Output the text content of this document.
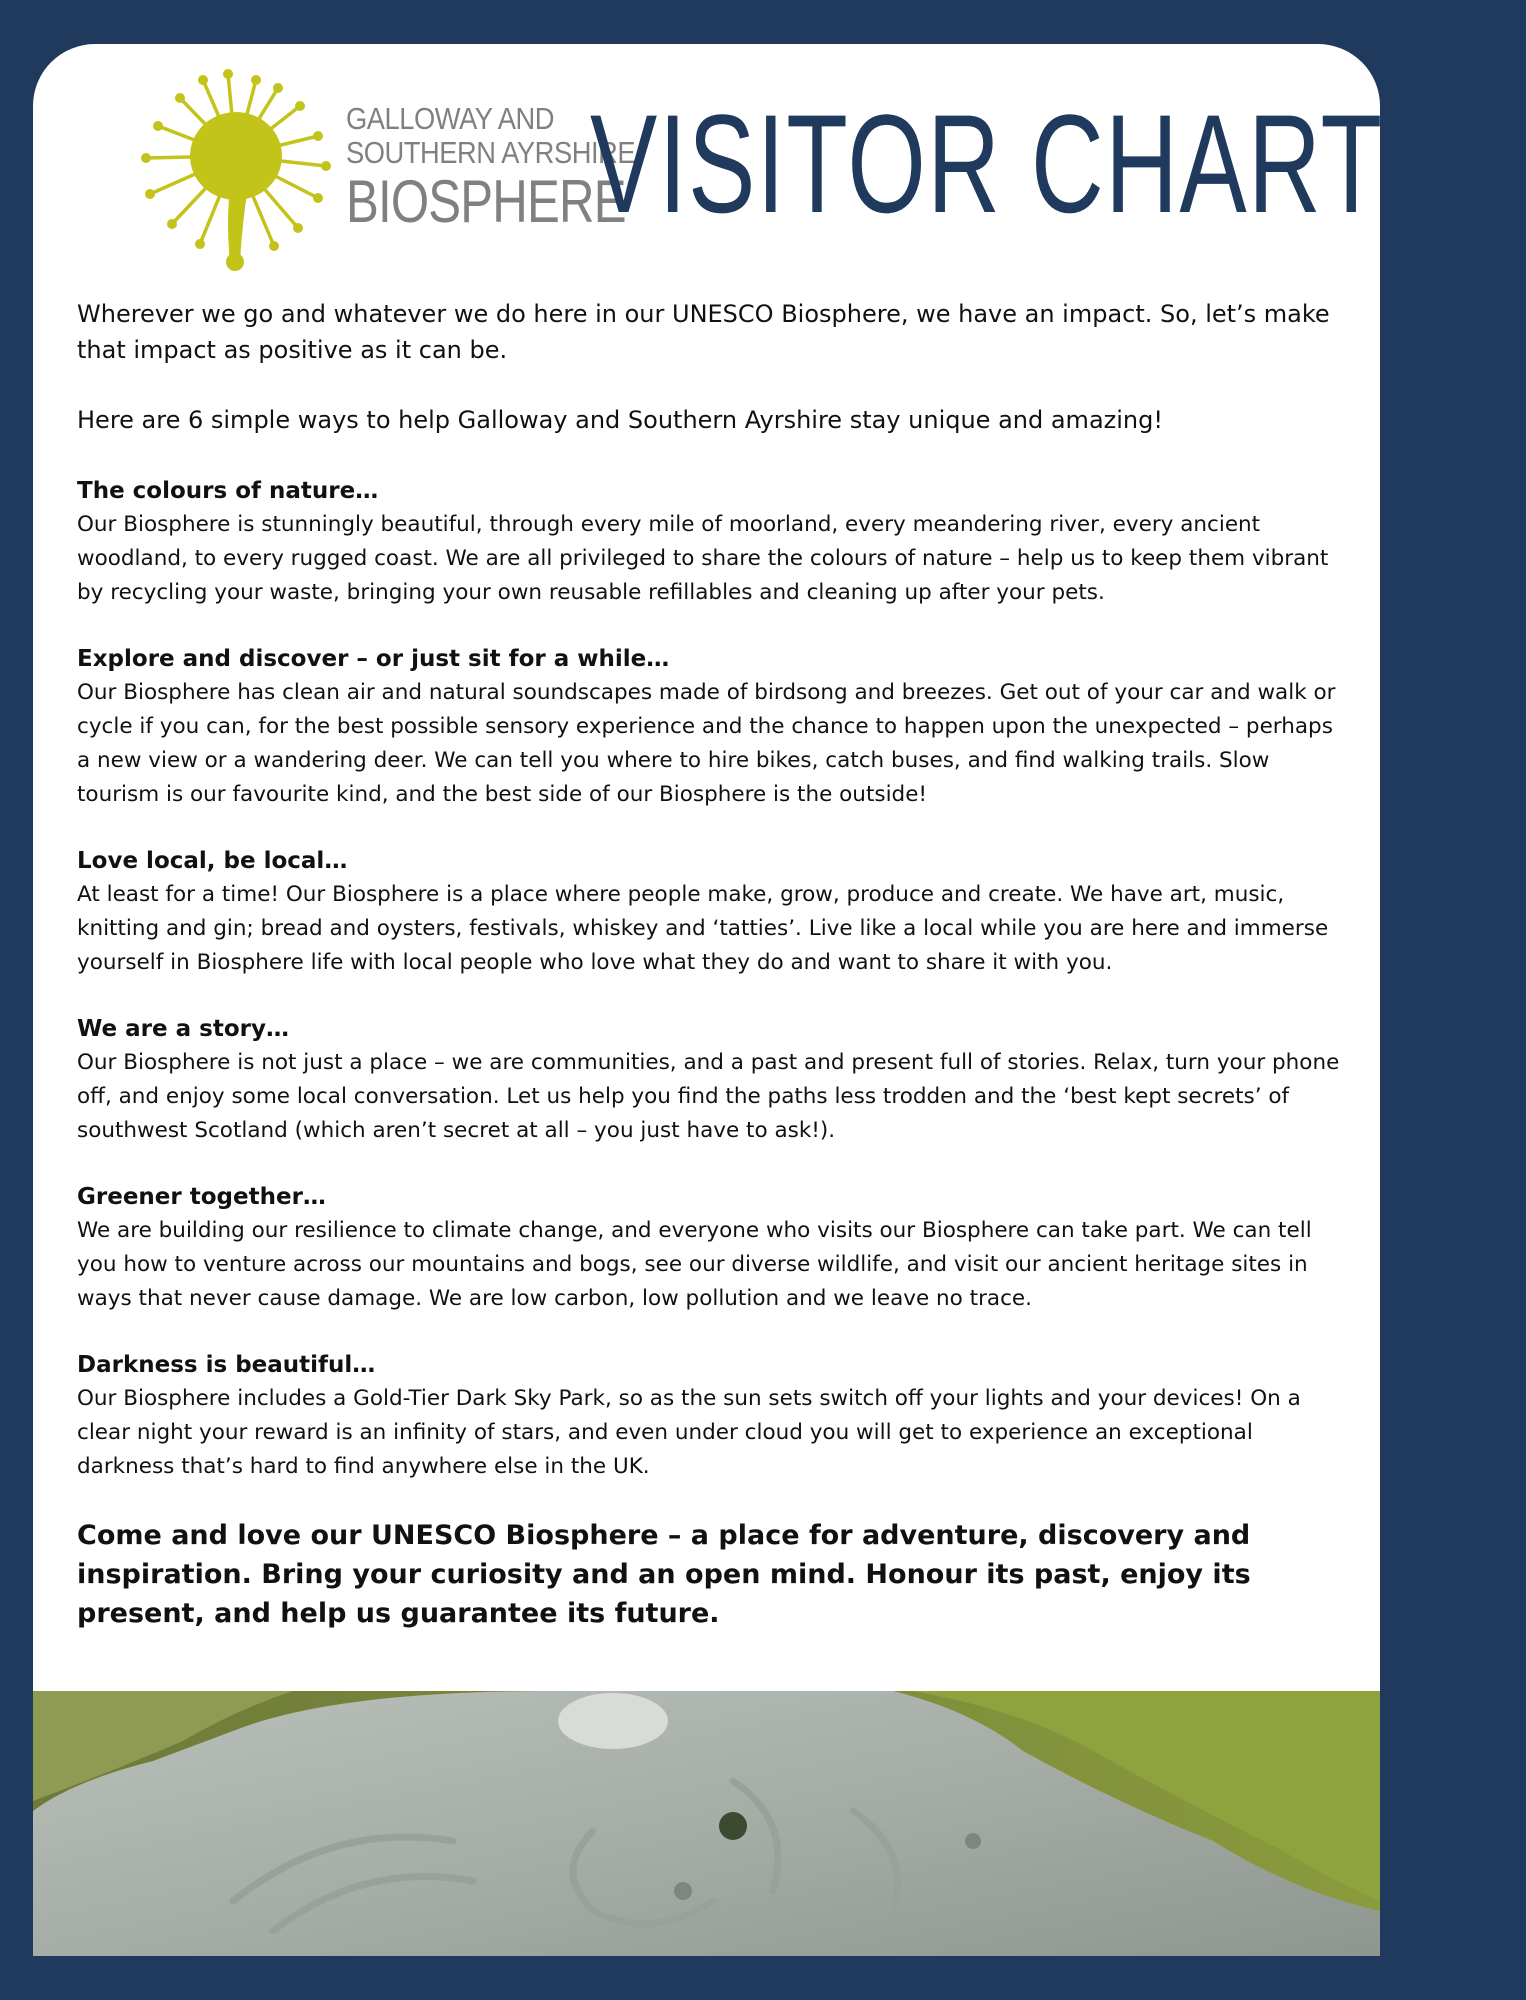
GALLOWAY AND
SOUTHERN AYRSHIRE
BIOSPHERE
VISITOR CHARTER

Wherever we go and whatever we do here in our UNESCO Biosphere, we have an impact. So, let’s make that impact as positive as it can be.

Here are 6 simple ways to help Galloway and Southern Ayrshire stay unique and amazing!

The colours of nature…

Our Biosphere is stunningly beautiful, through every mile of moorland, every meandering river, every ancient woodland, to every rugged coast. We are all privileged to share the colours of nature – help us to keep them vibrant by recycling your waste, bringing your own reusable refillables and cleaning up after your pets.

Explore and discover – or just sit for a while…

Our Biosphere has clean air and natural soundscapes made of birdsong and breezes. Get out of your car and walk or cycle if you can, for the best possible sensory experience and the chance to happen upon the unexpected – perhaps a new view or a wandering deer. We can tell you where to hire bikes, catch buses, and find walking trails. Slow tourism is our favourite kind, and the best side of our Biosphere is the outside!

Love local, be local…

At least for a time! Our Biosphere is a place where people make, grow, produce and create. We have art, music, knitting and gin; bread and oysters, festivals, whiskey and ‘tatties’. Live like a local while you are here and immerse yourself in Biosphere life with local people who love what they do and want to share it with you.

We are a story…

Our Biosphere is not just a place – we are communities, and a past and present full of stories. Relax, turn your phone off, and enjoy some local conversation. Let us help you find the paths less trodden and the ‘best kept secrets’ of southwest Scotland (which aren’t secret at all – you just have to ask!).

Greener together…

We are building our resilience to climate change, and everyone who visits our Biosphere can take part. We can tell you how to venture across our mountains and bogs, see our diverse wildlife, and visit our ancient heritage sites in ways that never cause damage. We are low carbon, low pollution and we leave no trace.

Darkness is beautiful…

Our Biosphere includes a Gold-Tier Dark Sky Park, so as the sun sets switch off your lights and your devices! On a clear night your reward is an infinity of stars, and even under cloud you will get to experience an exceptional darkness that’s hard to find anywhere else in the UK.

Come and love our UNESCO Biosphere – a place for adventure, discovery and inspiration. Bring your curiosity and an open mind. Honour its past, enjoy its present, and help us guarantee its future.
